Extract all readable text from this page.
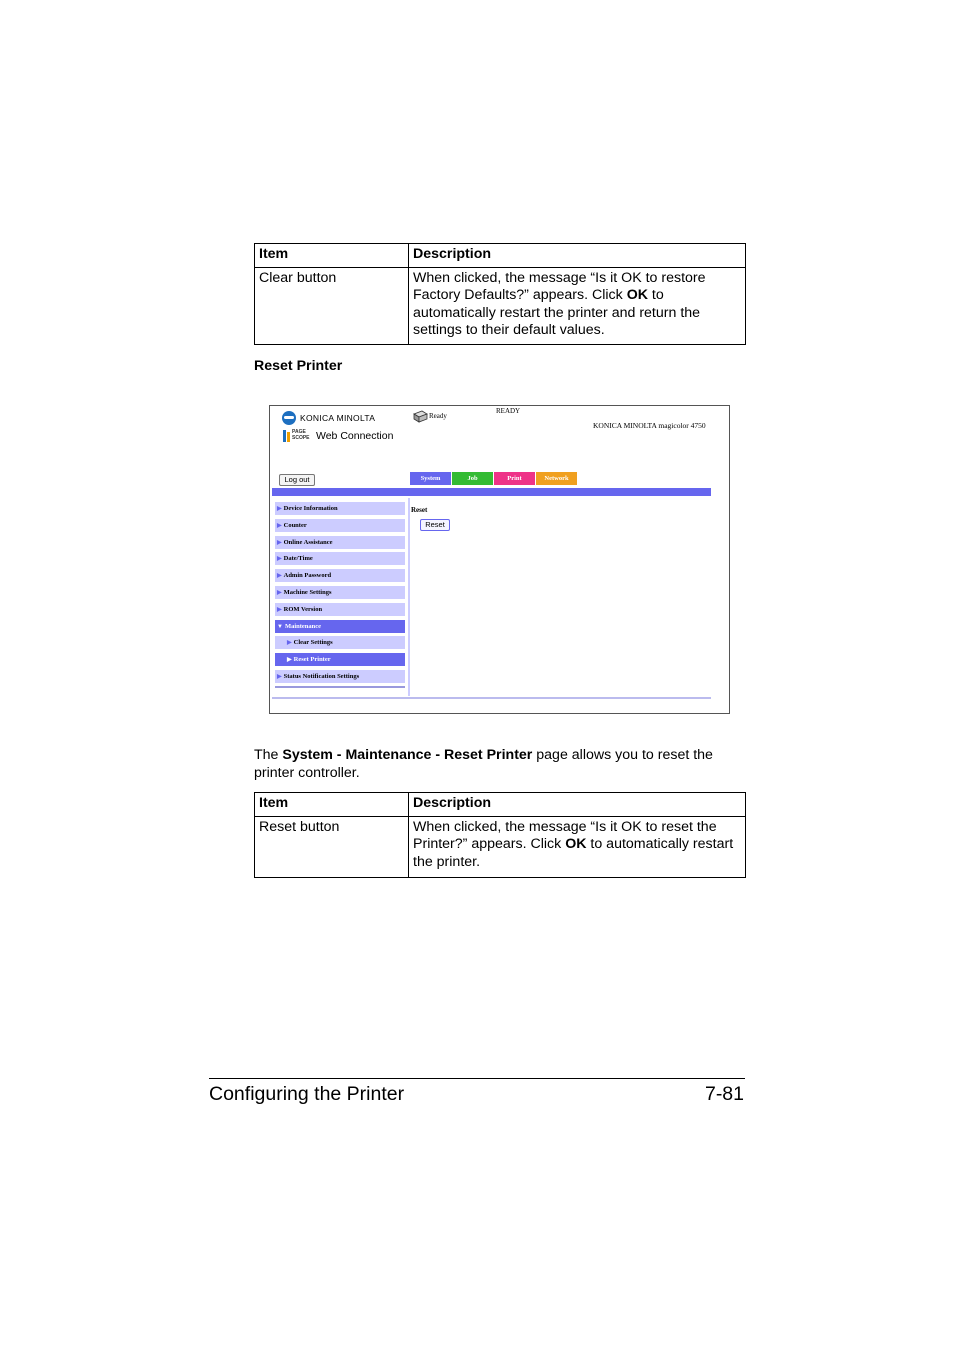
Item	Description
Clear button	When clicked, the message “Is it OK to restore Factory Defaults?” appears. Click OK to automatically restart the printer and return the settings to their default values.
Reset Printer
KONICA MINOLTA
PAGE SCOPE Web Connection
Ready
READY
KONICA MINOLTA magicolor 4750
Log out	System	Job	Print	Network
▶ Device Information
▶ Counter
▶ Online Assistance
▶ Date/Time
▶ Admin Password
▶ Machine Settings
▶ ROM Version
▼ Maintenance
▶ Clear Settings
▶ Reset Printer
▶ Status Notification Settings
Reset
Reset
The System - Maintenance - Reset Printer page allows you to reset the printer controller.
Item	Description
Reset button	When clicked, the message “Is it OK to reset the Printer?” appears. Click OK to automatically restart the printer.
Configuring the Printer	7-81
